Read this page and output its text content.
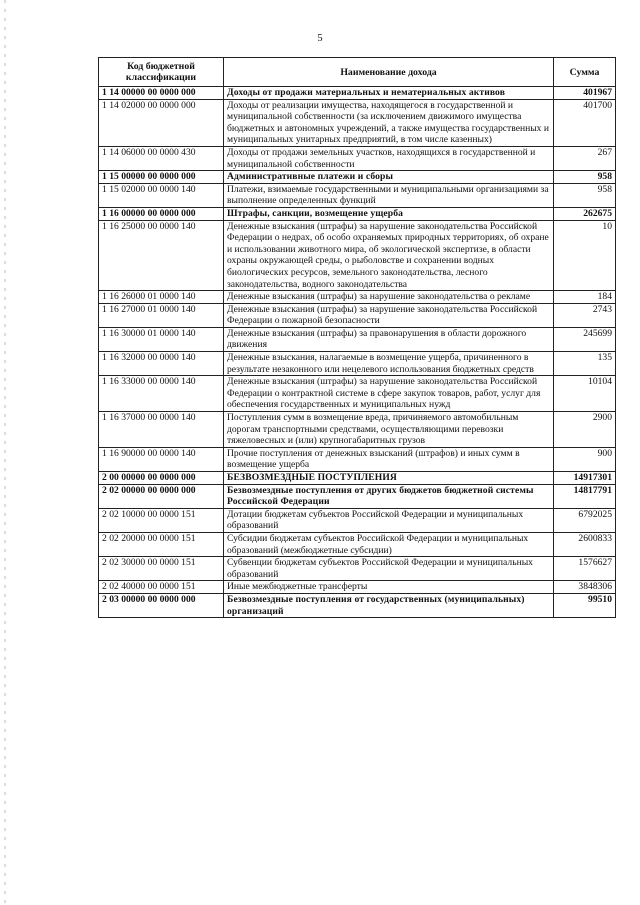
5
Код бюджетной классификации	Наименование дохода	Сумма
1 14 00000 00 0000 000	Доходы от продажи материальных и нематериальных активов	401967
1 14 02000 00 0000 000	Доходы от реализации имущества, находящегося в государственной и муниципальной собственности (за исключением движимого имущества бюджетных и автономных учреждений, а также имущества государственных и муниципальных унитарных предприятий, в том числе казенных)	401700
1 14 06000 00 0000 430	Доходы от продажи земельных участков, находящихся в государственной и муниципальной собственности	267
1 15 00000 00 0000 000	Административные платежи и сборы	958
1 15 02000 00 0000 140	Платежи, взимаемые государственными и муниципальными организациями за выполнение определенных функций	958
1 16 00000 00 0000 000	Штрафы, санкции, возмещение ущерба	262675
1 16 25000 00 0000 140	Денежные взыскания (штрафы) за нарушение законодательства Российской Федерации о недрах, об особо охраняемых природных территориях, об охране и использовании животного мира, об экологической экспертизе, в области охраны окружающей среды, о рыболовстве и сохранении водных биологических ресурсов, земельного законодательства, лесного законодательства, водного законодательства	10
1 16 26000 01 0000 140	Денежные взыскания (штрафы) за нарушение законодательства о рекламе	184
1 16 27000 01 0000 140	Денежные взыскания (штрафы) за нарушение законодательства Российской Федерации о пожарной безопасности	2743
1 16 30000 01 0000 140	Денежные взыскания (штрафы) за правонарушения в области дорожного движения	245699
1 16 32000 00 0000 140	Денежные взыскания, налагаемые в возмещение ущерба, причиненного в результате незаконного или нецелевого использования бюджетных средств	135
1 16 33000 00 0000 140	Денежные взыскания (штрафы) за нарушение законодательства Российской Федерации о контрактной системе в сфере закупок товаров, работ, услуг для обеспечения государственных и муниципальных нужд	10104
1 16 37000 00 0000 140	Поступления сумм в возмещение вреда, причиняемого автомобильным дорогам транспортными средствами, осуществляющими перевозки тяжеловесных и (или) крупногабаритных грузов	2900
1 16 90000 00 0000 140	Прочие поступления от денежных взысканий (штрафов) и иных сумм в возмещение ущерба	900
2 00 00000 00 0000 000	БЕЗВОЗМЕЗДНЫЕ ПОСТУПЛЕНИЯ	14917301
2 02 00000 00 0000 000	Безвозмездные поступления от других бюджетов бюджетной системы Российской Федерации	14817791
2 02 10000 00 0000 151	Дотации бюджетам субъектов Российской Федерации и муниципальных образований	6792025
2 02 20000 00 0000 151	Субсидии бюджетам субъектов Российской Федерации и муниципальных образований (межбюджетные субсидии)	2600833
2 02 30000 00 0000 151	Субвенции бюджетам субъектов Российской Федерации и муниципальных образований	1576627
2 02 40000 00 0000 151	Иные межбюджетные трансферты	3848306
2 03 00000 00 0000 000	Безвозмездные поступления от государственных (муниципальных) организаций	99510
